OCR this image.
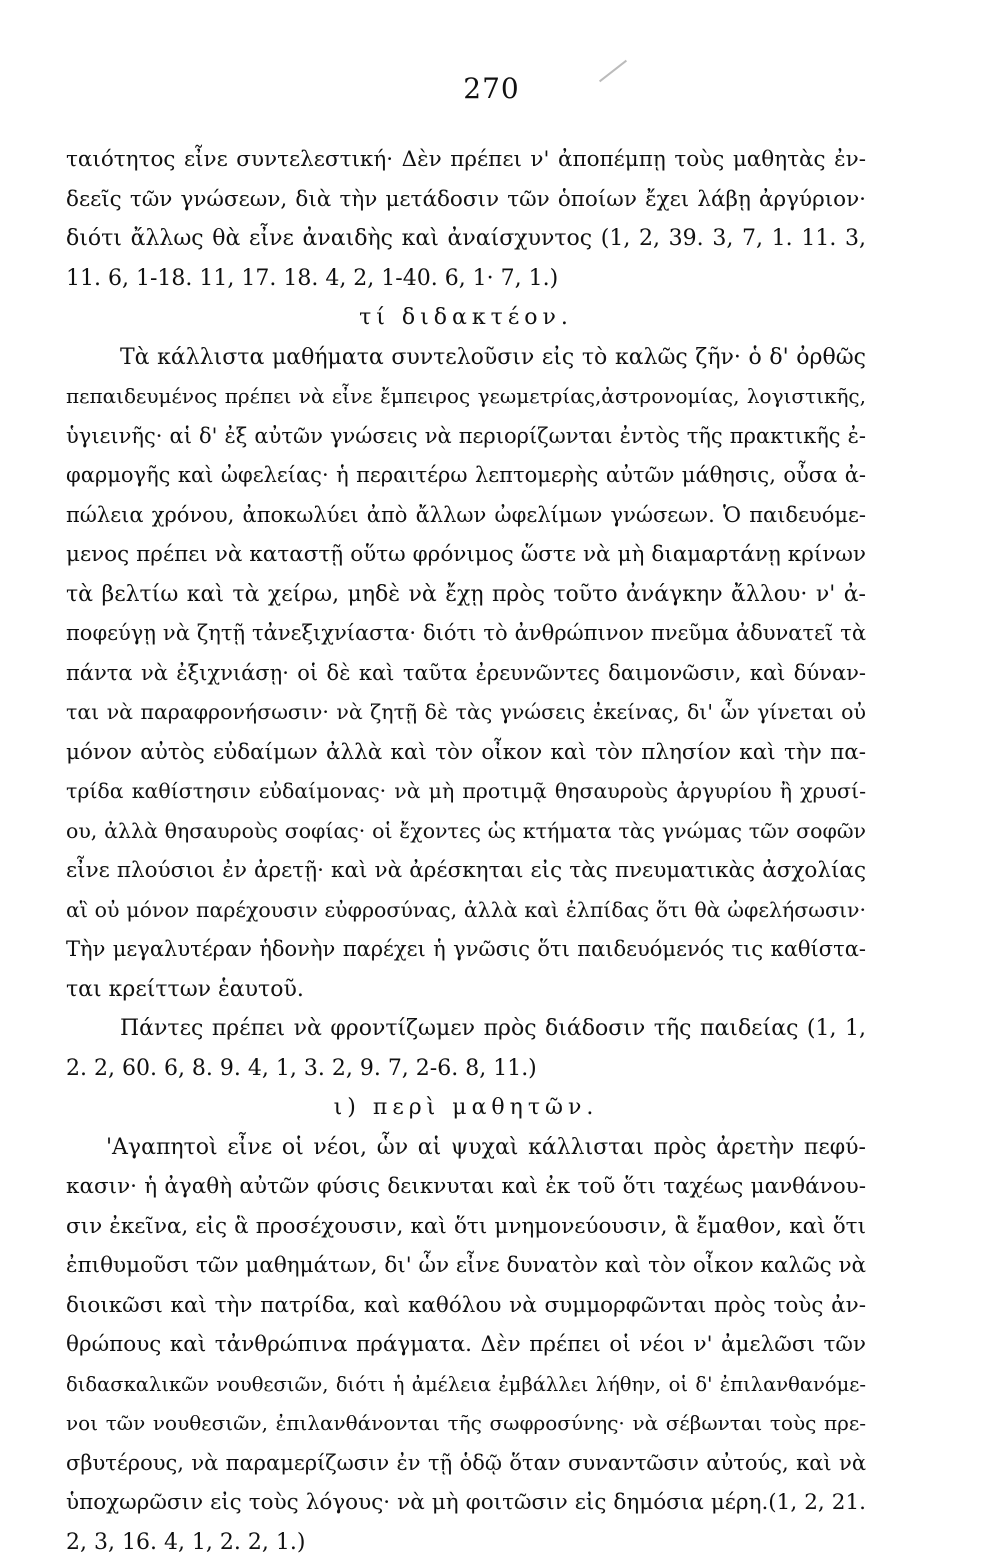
270
ταιότητος εἶνε συντελεστική· Δὲν πρέπει ν' ἀποπέμπῃ τοὺς μαθητὰς ἐν-
δεεῖς τῶν γνώσεων, διὰ τὴν μετάδοσιν τῶν ὁποίων ἔχει λάβῃ ἀργύριον·
διότι ἄλλως θὰ εἶνε ἀναιδὴς καὶ ἀναίσχυντος (1, 2, 39. 3, 7, 1. 11. 3,
11. 6, 1-18. 11, 17. 18. 4, 2, 1-40. 6, 1· 7, 1.)
τί διδακτέον.
Τὰ κάλλιστα μαθήματα συντελοῦσιν εἰς τὸ καλῶς ζῆν· ὁ δ' ὀρθῶς
πεπαιδευμένος πρέπει νὰ εἶνε ἔμπειρος γεωμετρίας,ἀστρονομίας, λογιστικῆς,
ὑγιεινῆς· αἱ δ' ἐξ αὐτῶν γνώσεις νὰ περιορίζωνται ἐντὸς τῆς πρακτικῆς ἐ-
φαρμογῆς καὶ ὠφελείας· ἡ περαιτέρω λεπτομερὴς αὐτῶν μάθησις, οὖσα ἀ-
πώλεια χρόνου, ἀποκωλύει ἀπὸ ἄλλων ὠφελίμων γνώσεων. Ὁ παιδευόμε-
μενος πρέπει νὰ καταστῇ οὕτω φρόνιμος ὥστε νὰ μὴ διαμαρτάνῃ κρίνων
τὰ βελτίω καὶ τὰ χείρω, μηδὲ νὰ ἔχῃ πρὸς τοῦτο ἀνάγκην ἄλλου· ν' ἀ-
ποφεύγῃ νὰ ζητῇ τἀνεξιχνίαστα· διότι τὸ ἀνθρώπινον πνεῦμα ἀδυνατεῖ τὰ
πάντα νὰ ἐξιχνιάσῃ· οἱ δὲ καὶ ταῦτα ἐρευνῶντες δαιμονῶσιν, καὶ δύναν-
ται νὰ παραφρονήσωσιν· νὰ ζητῇ δὲ τὰς γνώσεις ἐκείνας, δι' ὧν γίνεται οὐ
μόνον αὐτὸς εὐδαίμων ἀλλὰ καὶ τὸν οἶκον καὶ τὸν πλησίον καὶ τὴν πα-
τρίδα καθίστησιν εὐδαίμονας· νὰ μὴ προτιμᾷ θησαυροὺς ἀργυρίου ἢ χρυσί-
ου, ἀλλὰ θησαυροὺς σοφίας· οἱ ἔχοντες ὡς κτήματα τὰς γνώμας τῶν σοφῶν
εἶνε πλούσιοι ἐν ἀρετῇ· καὶ νὰ ἀρέσκηται εἰς τὰς πνευματικὰς ἀσχολίας
αἳ οὐ μόνον παρέχουσιν εὐφροσύνας, ἀλλὰ καὶ ἐλπίδας ὅτι θὰ ὠφελήσωσιν·
Τὴν μεγαλυτέραν ἡδονὴν παρέχει ἡ γνῶσις ὅτι παιδευόμενός τις καθίστα-
ται κρείττων ἑαυτοῦ.
Πάντες πρέπει νὰ φροντίζωμεν πρὸς διάδοσιν τῆς παιδείας (1, 1,
2. 2, 60. 6, 8. 9. 4, 1, 3. 2, 9. 7, 2-6. 8, 11.)
ι) περὶ μαθητῶν.
'Αγαπητοὶ εἶνε οἱ νέοι, ὧν αἱ ψυχαὶ κάλλισται πρὸς ἀρετὴν πεφύ-
κασιν· ἡ ἀγαθὴ αὐτῶν φύσις δεικνυται καὶ ἐκ τοῦ ὅτι ταχέως μανθάνου-
σιν ἐκεῖνα, εἰς ἃ προσέχουσιν, καὶ ὅτι μνημονεύουσιν, ἃ ἔμαθον, καὶ ὅτι
ἐπιθυμοῦσι τῶν μαθημάτων, δι' ὧν εἶνε δυνατὸν καὶ τὸν οἶκον καλῶς νὰ
διοικῶσι καὶ τὴν πατρίδα, καὶ καθόλου νὰ συμμορφῶνται πρὸς τοὺς ἀν-
θρώπους καὶ τἀνθρώπινα πράγματα. Δὲν πρέπει οἱ νέοι ν' ἀμελῶσι τῶν
διδασκαλικῶν νουθεσιῶν, διότι ἡ ἀμέλεια ἐμβάλλει λήθην, οἱ δ' ἐπιλανθανόμε-
νοι τῶν νουθεσιῶν, ἐπιλανθάνονται τῆς σωφροσύνης· νὰ σέβωνται τοὺς πρε-
σβυτέρους, νὰ παραμερίζωσιν ἐν τῇ ὁδῷ ὅταν συναντῶσιν αὐτούς, καὶ νὰ
ὑποχωρῶσιν εἰς τοὺς λόγους· νὰ μὴ φοιτῶσιν εἰς δημόσια μέρη.(1, 2, 21.
2, 3, 16. 4, 1, 2. 2, 1.)
